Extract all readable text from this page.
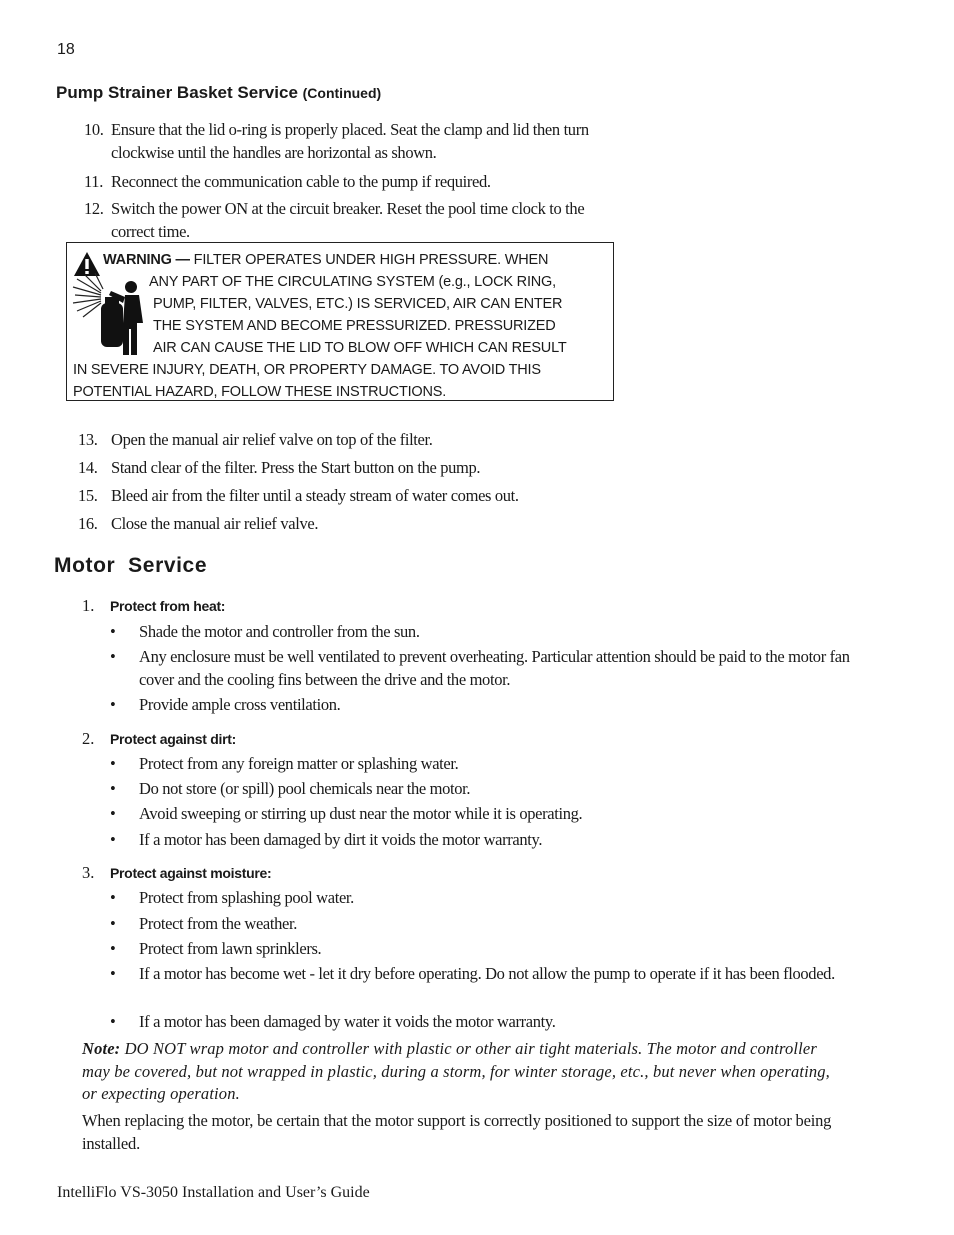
18
Pump Strainer Basket Service (Continued)
10. Ensure that the lid o-ring is properly placed. Seat the clamp and lid then turn clockwise until the handles are horizontal as shown.
11. Reconnect the communication cable to the pump if required.
12. Switch the power ON at the circuit breaker. Reset the pool time clock to the correct time.
WARNING — FILTER OPERATES UNDER HIGH PRESSURE. WHEN
ANY PART OF THE CIRCULATING SYSTEM (e.g., LOCK RING,
PUMP, FILTER, VALVES, ETC.) IS SERVICED, AIR CAN ENTER
THE SYSTEM AND BECOME PRESSURIZED. PRESSURIZED
AIR CAN CAUSE THE LID TO BLOW OFF WHICH CAN RESULT
IN SEVERE INJURY, DEATH, OR PROPERTY DAMAGE. TO AVOID THIS
POTENTIAL HAZARD, FOLLOW THESE INSTRUCTIONS.
13. Open the manual air relief valve on top of the filter.
14. Stand clear of the filter. Press the Start button on the pump.
15. Bleed air from the filter until a steady stream of water comes out.
16. Close the manual air relief valve.
Motor  Service
1. Protect from heat:
• Shade the motor and controller from the sun.
• Any enclosure must be well ventilated to prevent overheating. Particular attention should be paid to the motor fan cover and the cooling fins between the drive and the motor.
• Provide ample cross ventilation.
2. Protect against dirt:
• Protect from any foreign matter or splashing water.
• Do not store (or spill) pool chemicals near the motor.
• Avoid sweeping or stirring up dust near the motor while it is operating.
• If a motor has been damaged by dirt it voids the motor warranty.
3. Protect against moisture:
• Protect from splashing pool water.
• Protect from the weather.
• Protect from lawn sprinklers.
• If a motor has become wet - let it dry before operating. Do not allow the pump to operate if it has been flooded.
• If a motor has been damaged by water it voids the motor warranty.
Note: DO NOT wrap motor and controller with plastic or other air tight materials. The motor and controller may be covered, but not wrapped in plastic, during a storm, for winter storage, etc., but never when operating, or expecting operation.
When replacing the motor, be certain that the motor support is correctly positioned to support the size of motor being installed.
IntelliFlo VS-3050 Installation and User’s Guide
